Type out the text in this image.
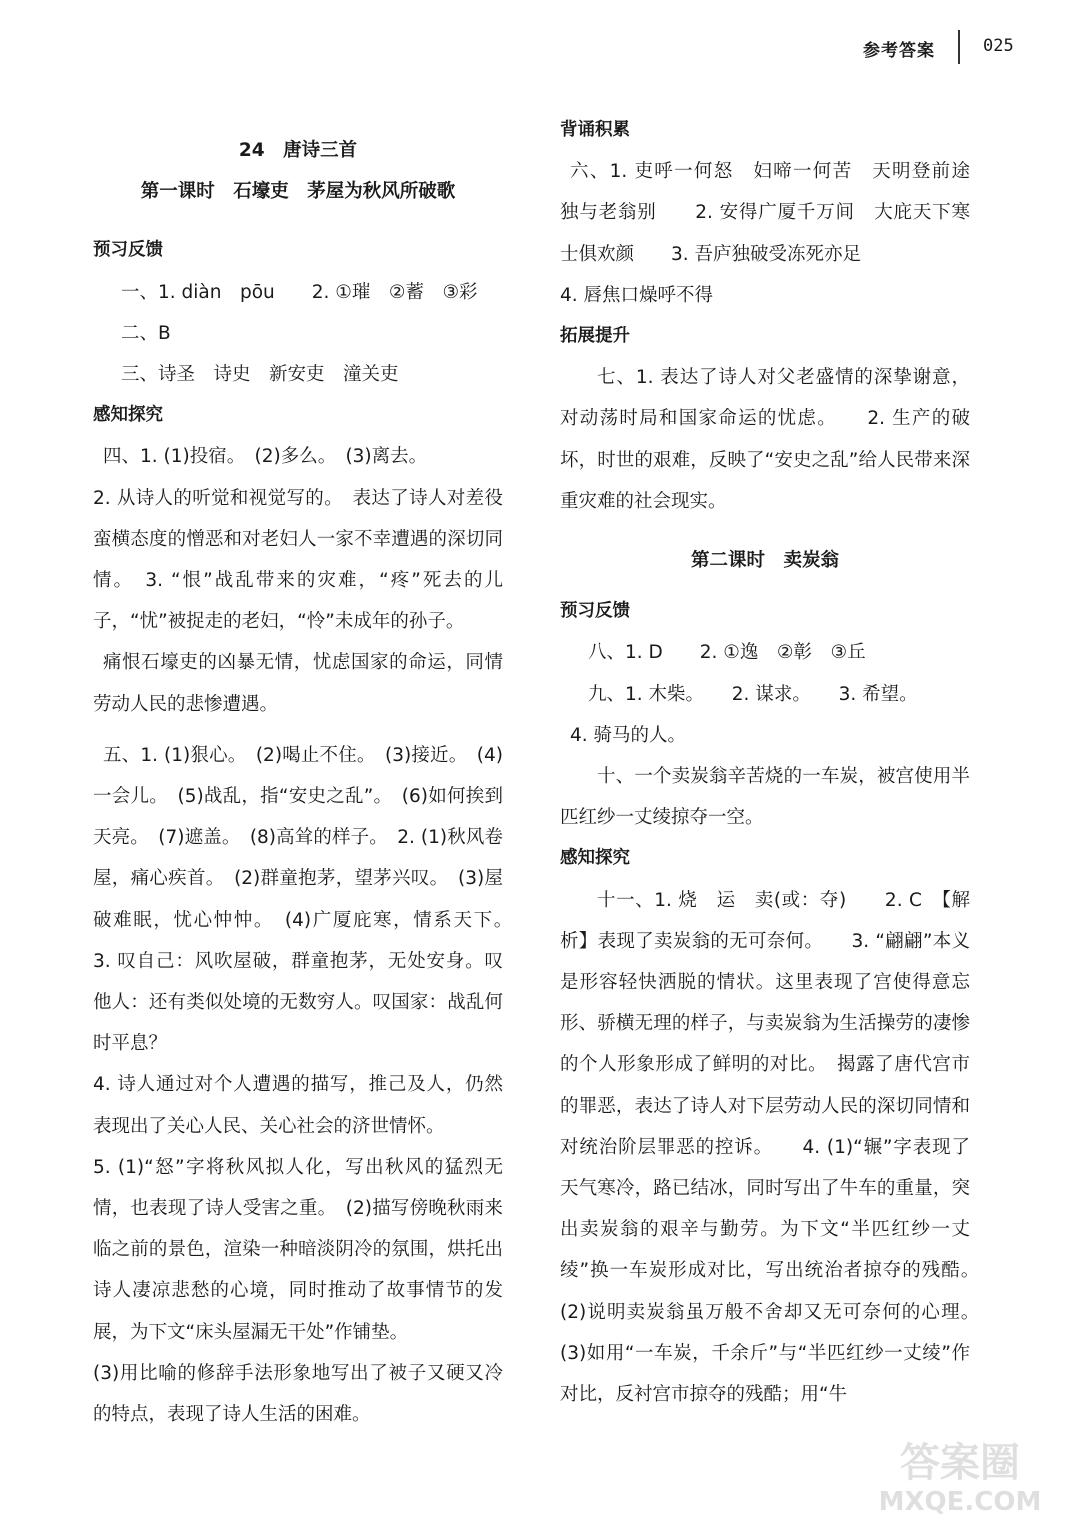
参考答案	025

24　唐诗三首

第一课时　石壕吏　茅屋为秋风所破歌

预习反馈

一、1. diàn　pōu　　2. ①璀　②蓄　③彩

二、B

三、诗圣　诗史　新安吏　潼关吏

感知探究

四、1. (1)投宿。　(2)多么。　(3)离去。

2. 从诗人的听觉和视觉写的。　表达了诗人对差役蛮横态度的憎恶和对老妇人一家不幸遭遇的深切同情。　3. “恨”战乱带来的灾难，“疼”死去的儿子，“忧”被捉走的老妇，“怜”未成年的孙子。

痛恨石壕吏的凶暴无情，忧虑国家的命运，同情劳动人民的悲惨遭遇。

五、1. (1)狠心。　(2)喝止不住。　(3)接近。　(4)一会儿。　(5)战乱，指“安史之乱”。　(6)如何挨到天亮。　(7)遮盖。　(8)高耸的样子。　2. (1)秋风卷屋，痛心疾首。　(2)群童抱茅，望茅兴叹。　(3)屋破难眠，忧心忡忡。　(4)广厦庇寒，情系天下。　3. 叹自己：风吹屋破，群童抱茅，无处安身。叹他人：还有类似处境的无数穷人。叹国家：战乱何时平息？

4. 诗人通过对个人遭遇的描写，推己及人，仍然表现出了关心人民、关心社会的济世情怀。

5. (1)“怒”字将秋风拟人化，写出秋风的猛烈无情，也表现了诗人受害之重。　(2)描写傍晚秋雨来临之前的景色，渲染一种暗淡阴冷的氛围，烘托出诗人凄凉悲愁的心境，同时推动了故事情节的发展，为下文“床头屋漏无干处”作铺垫。

(3)用比喻的修辞手法形象地写出了被子又硬又冷的特点，表现了诗人生活的困难。

背诵积累

六、1. 吏呼一何怒　妇啼一何苦　天明登前途　独与老翁别　　2. 安得广厦千万间　大庇天下寒士俱欢颜　　3. 吾庐独破受冻死亦足

4. 唇焦口燥呼不得

拓展提升

七、1. 表达了诗人对父老盛情的深挚谢意，对动荡时局和国家命运的忧虑。　　2. 生产的破坏，时世的艰难，反映了“安史之乱”给人民带来深重灾难的社会现实。

第二课时　卖炭翁

预习反馈

八、1. D　　2. ①逸　②彰　③丘

九、1. 木柴。　　2. 谋求。　　3. 希望。

4. 骑马的人。

十、一个卖炭翁辛苦烧的一车炭，被宫使用半匹红纱一丈绫掠夺一空。

感知探究

十一、1. 烧　运　卖(或：夺)　　2. C　【解析】表现了卖炭翁的无可奈何。　　3. “翩翩”本义是形容轻快洒脱的情状。这里表现了宫使得意忘形、骄横无理的样子，与卖炭翁为生活操劳的凄惨的个人形象形成了鲜明的对比。　揭露了唐代宫市的罪恶，表达了诗人对下层劳动人民的深切同情和对统治阶层罪恶的控诉。　　4. (1)“辗”字表现了天气寒冷，路已结冰，同时写出了牛车的重量，突出卖炭翁的艰辛与勤劳。为下文“半匹红纱一丈绫”换一车炭形成对比，写出统治者掠夺的残酷。　(2)说明卖炭翁虽万般不舍却又无可奈何的心理。　(3)如用“一车炭，千余斤”与“半匹红纱一丈绫”作对比，反衬宫市掠夺的残酷；用“牛

答案圈
MXQE.COM
